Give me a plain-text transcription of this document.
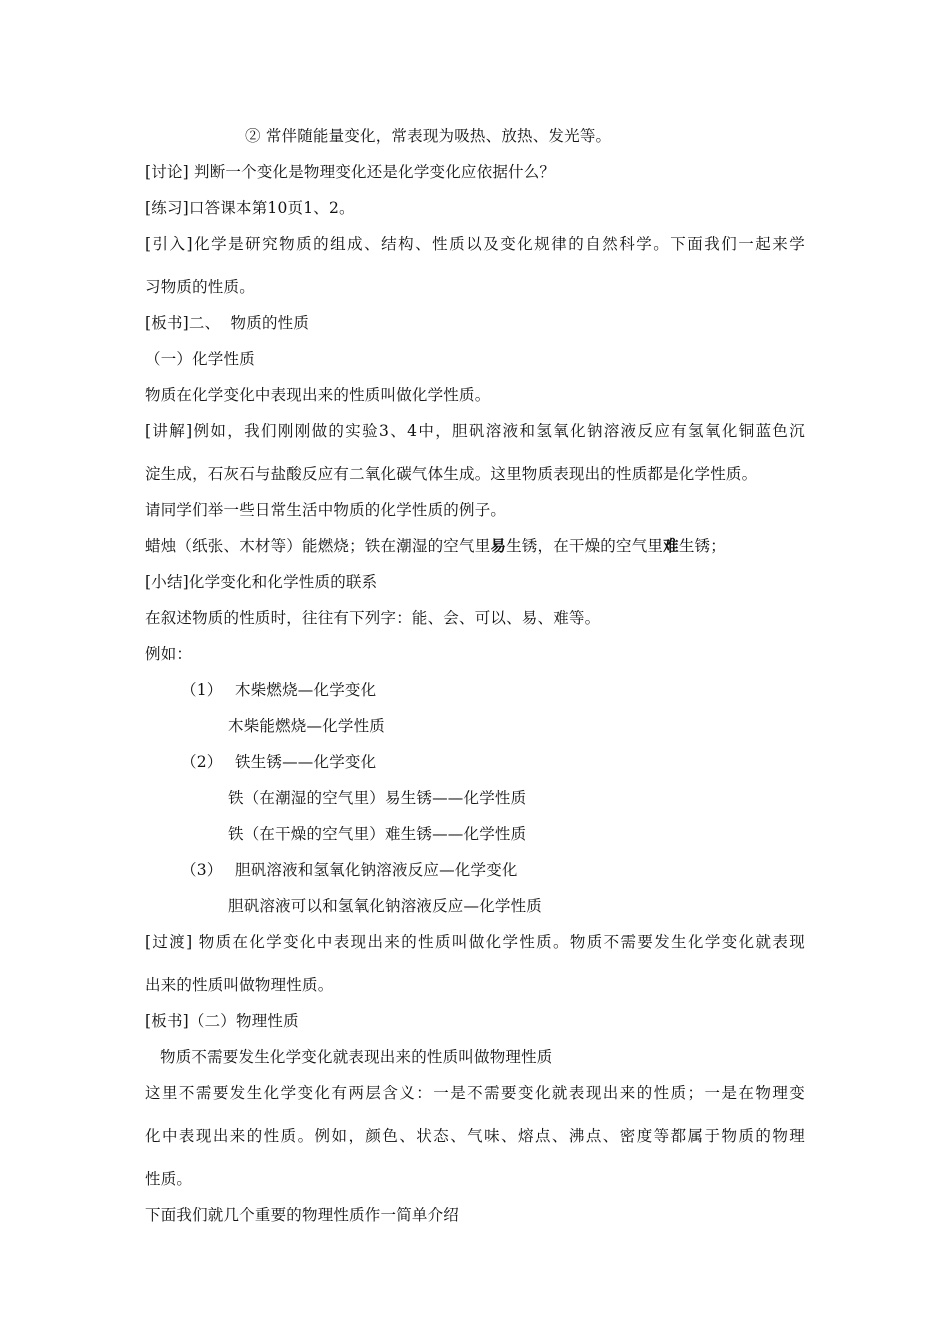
② 常伴随能量变化，常表现为吸热、放热、发光等。
[讨论] 判断一个变化是物理变化还是化学变化应依据什么？
[练习]口答课本第10页1、2。
[引入]化学是研究物质的组成、结构、性质以及变化规律的自然科学。下面我们一起来学
习物质的性质。
[板书]二、  物质的性质
（一）化学性质
物质在化学变化中表现出来的性质叫做化学性质。
[讲解]例如，我们刚刚做的实验3、4中，胆矾溶液和氢氧化钠溶液反应有氢氧化铜蓝色沉
淀生成，石灰石与盐酸反应有二氧化碳气体生成。这里物质表现出的性质都是化学性质。
请同学们举一些日常生活中物质的化学性质的例子。
蜡烛（纸张、木材等）能燃烧；铁在潮湿的空气里易生锈，在干燥的空气里难生锈；
[小结]化学变化和化学性质的联系
在叙述物质的性质时，往往有下列字：能、会、可以、易、难等。
例如：
（1） 木柴燃烧—化学变化
木柴能燃烧—化学性质
（2） 铁生锈——化学变化
铁（在潮湿的空气里）易生锈——化学性质
铁（在干燥的空气里）难生锈——化学性质
（3） 胆矾溶液和氢氧化钠溶液反应—化学变化
胆矾溶液可以和氢氧化钠溶液反应—化学性质
[过渡] 物质在化学变化中表现出来的性质叫做化学性质。物质不需要发生化学变化就表现
出来的性质叫做物理性质。
[板书]（二）物理性质
物质不需要发生化学变化就表现出来的性质叫做物理性质
这里不需要发生化学变化有两层含义：一是不需要变化就表现出来的性质；一是在物理变
化中表现出来的性质。例如，颜色、状态、气味、熔点、沸点、密度等都属于物质的物理
性质。
下面我们就几个重要的物理性质作一简单介绍
